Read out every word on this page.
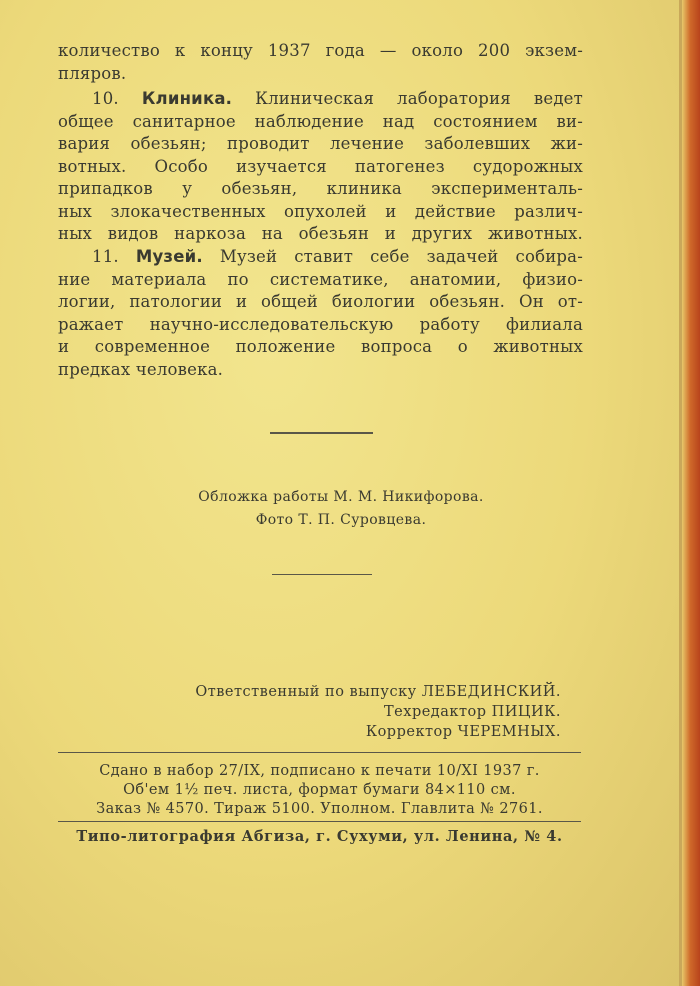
количество к концу 1937 года — около 200 экзем-
пляров.
10. Клиника. Клиническая лаборатория ведет
общее санитарное наблюдение над состоянием ви-
вария обезьян; проводит лечение заболевших жи-
вотных. Особо изучается патогенез судорожных
припадков у обезьян, клиника эксперименталь-
ных злокачественных опухолей и действие различ-
ных видов наркоза на обезьян и других животных.
11. Музей. Музей ставит себе задачей собира-
ние материала по систематике, анатомии, физио-
логии, патологии и общей биологии обезьян. Он от-
ражает научно-исследовательскую работу филиала
и современное положение вопроса о животных
предках человека.
Обложка работы М. М. Никифорова.
Фото Т. П. Суровцева.
Ответственный по выпуску ЛЕБЕДИНСКИЙ.
Техредактор ПИЦИК.
Корректор ЧЕРЕМНЫХ.
Сдано в набор 27/IX, подписано к печати 10/XI 1937 г.
Об'ем 1½ печ. листа, формат бумаги 84×110 см.
Заказ № 4570. Тираж 5100. Уполном. Главлита № 2761.
Типо-литография Абгиза, г. Сухуми, ул. Ленина, № 4.
